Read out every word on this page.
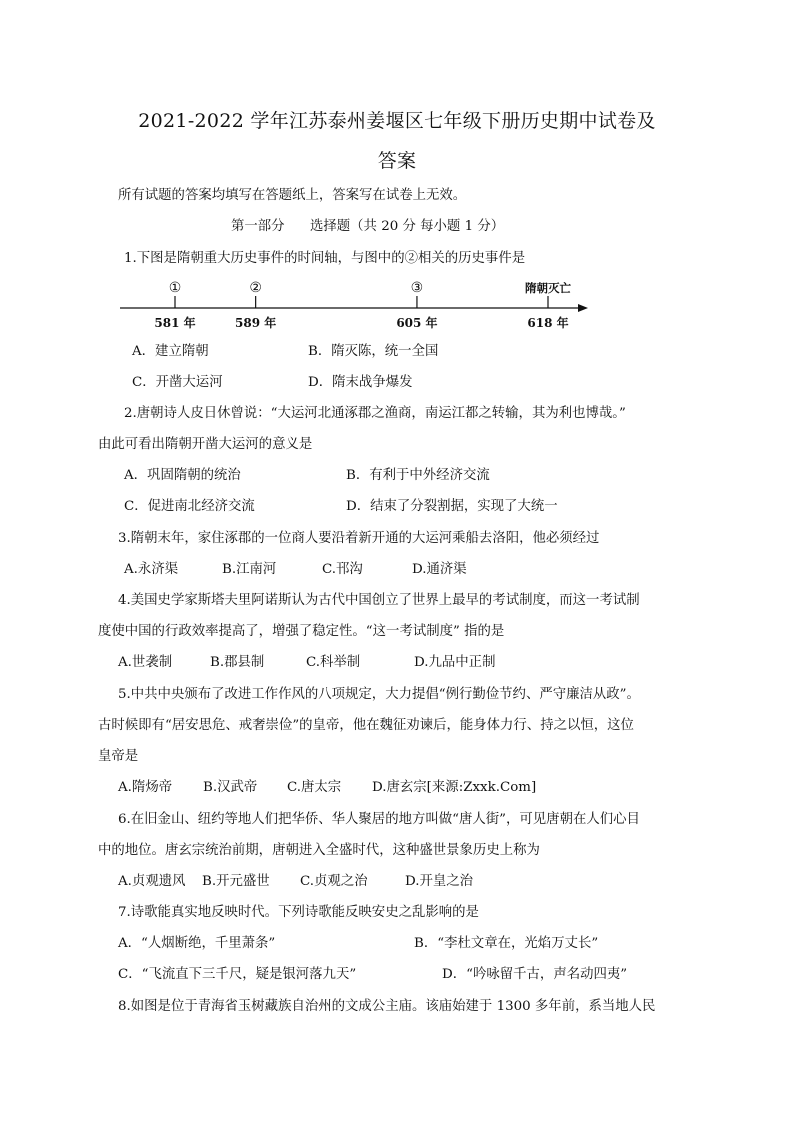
2021-2022 学年江苏泰州姜堰区七年级下册历史期中试卷及
答案
所有试题的答案均填写在答题纸上，答案写在试卷上无效。
第一部分 选择题（共 20 分 每小题 1 分）
1.下图是隋朝重大历史事件的时间轴，与图中的②相关的历史事件是
①
581 年
②
589 年
③
605 年
隋朝灭亡
618 年
A．建立隋朝	B．隋灭陈，统一全国
C．开凿大运河	D．隋末战争爆发
2.唐朝诗人皮日休曾说：“大运河北通涿郡之渔商，南运江都之转输，其为利也博哉。”
由此可看出隋朝开凿大运河的意义是
A．巩固隋朝的统治	B．有利于中外经济交流
C．促进南北经济交流	D．结束了分裂割据，实现了大统一
3.隋朝末年，家住涿郡的一位商人要沿着新开通的大运河乘船去洛阳，他必须经过
A.永济渠	B.江南河	C.邗沟	D.通济渠
4.美国史学家斯塔夫里阿诺斯认为古代中国创立了世界上最早的考试制度，而这一考试制
度使中国的行政效率提高了，增强了稳定性。“这一考试制度” 指的是
A.世袭制	B.郡县制	C.科举制	D.九品中正制
5.中共中央颁布了改进工作作风的八项规定，大力提倡“例行勤俭节约、严守廉洁从政”。
古时候即有“居安思危、戒奢崇俭”的皇帝，他在魏征劝谏后，能身体力行、持之以恒，这位
皇帝是
A.隋炀帝 B.汉武帝 C.唐太宗 D.唐玄宗[来源:Zxxk.Com]
6.在旧金山、纽约等地人们把华侨、华人聚居的地方叫做“唐人街”，可见唐朝在人们心目
中的地位。唐玄宗统治前期，唐朝进入全盛时代，这种盛世景象历史上称为
A.贞观遗风 B.开元盛世 C.贞观之治	D.开皇之治
7.诗歌能真实地反映时代。下列诗歌能反映安史之乱影响的是
A．“人烟断绝，千里萧条”	B．“李杜文章在，光焰万丈长”
C．“飞流直下三千尺，疑是银河落九天”	D．“吟咏留千古，声名动四夷”
8.如图是位于青海省玉树藏族自治州的文成公主庙。该庙始建于 1300 多年前，系当地人民
